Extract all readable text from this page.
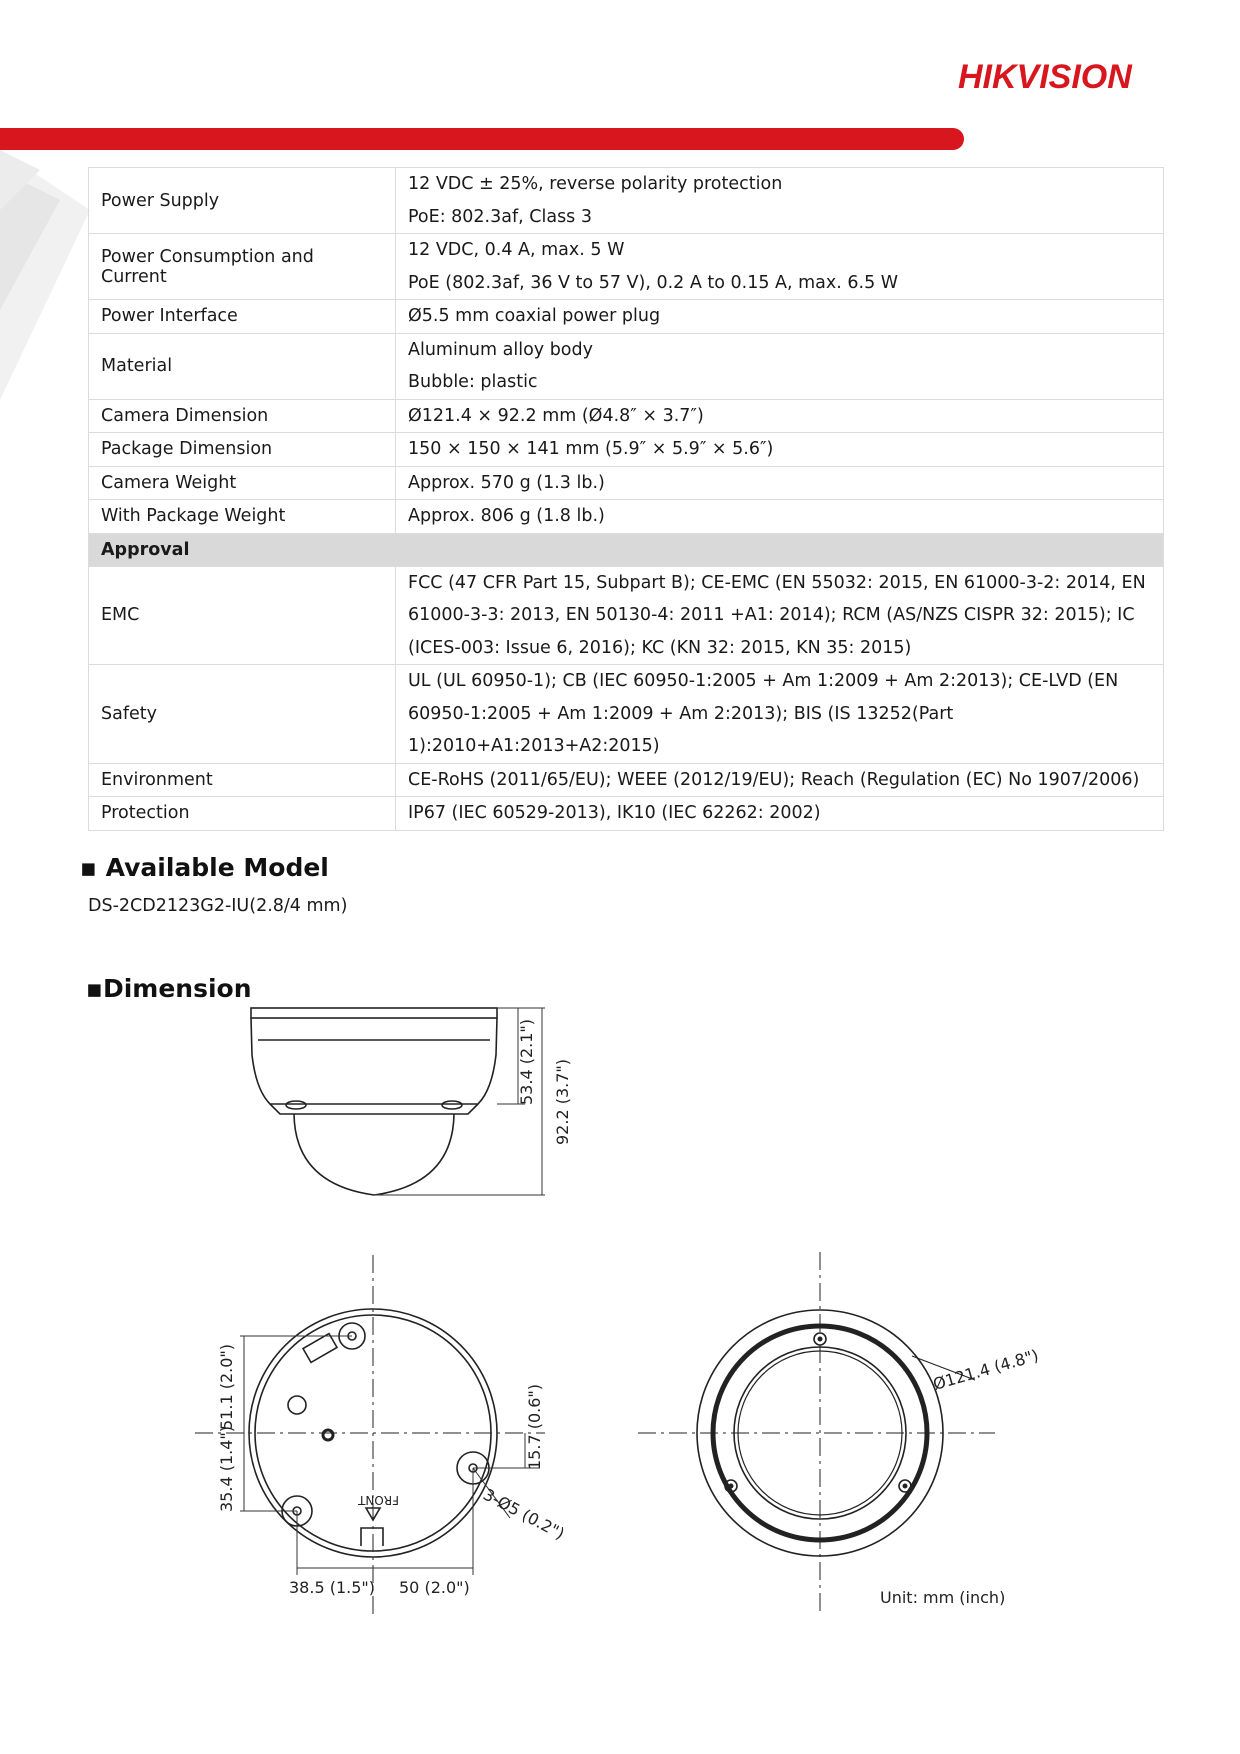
HIKVISION
Power Supply	12 VDC ± 25%, reverse polarity protection
PoE: 802.3af, Class 3

Power Consumption and Current	12 VDC, 0.4 A, max. 5 W
PoE (802.3af, 36 V to 57 V), 0.2 A to 0.15 A, max. 6.5 W

Power Interface	Ø5.5 mm coaxial power plug

Material	Aluminum alloy body
Bubble: plastic

Camera Dimension	Ø121.4 × 92.2 mm (Ø4.8″ × 3.7″)

Package Dimension	150 × 150 × 141 mm (5.9″ × 5.9″ × 5.6″)

Camera Weight	Approx. 570 g (1.3 lb.)

With Package Weight	Approx. 806 g (1.8 lb.)

Approval	
EMC	FCC (47 CFR Part 15, Subpart B); CE-EMC (EN 55032: 2015, EN 61000-3-2: 2014, EN
61000-3-3: 2013, EN 50130-4: 2011 +A1: 2014); RCM (AS/NZS CISPR 32: 2015); IC
(ICES-003: Issue 6, 2016); KC (KN 32: 2015, KN 35: 2015)

Safety	UL (UL 60950-1); CB (IEC 60950-1:2005 + Am 1:2009 + Am 2:2013); CE-LVD (EN
60950-1:2005 + Am 1:2009 + Am 2:2013); BIS (IS 13252(Part
1):2010+A1:2013+A2:2015)

Environment	CE-RoHS (2011/65/EU); WEEE (2012/19/EU); Reach (Regulation (EC) No 1907/2006)

Protection	IP67 (IEC 60529-2013), IK10 (IEC 62262: 2002)
▪ Available Model
DS-2CD2123G2-IU(2.8/4 mm)
▪Dimension
53.4 (2.1") 92.2 (3.7")
FRONT
51.1 (2.0")
35.4 (1.4")	15.7 (0.6")
38.5 (1.5") 50 (2.0")
3-Ø5 (0.2")
Ø121.4 (4.8")
Unit: mm (inch)
